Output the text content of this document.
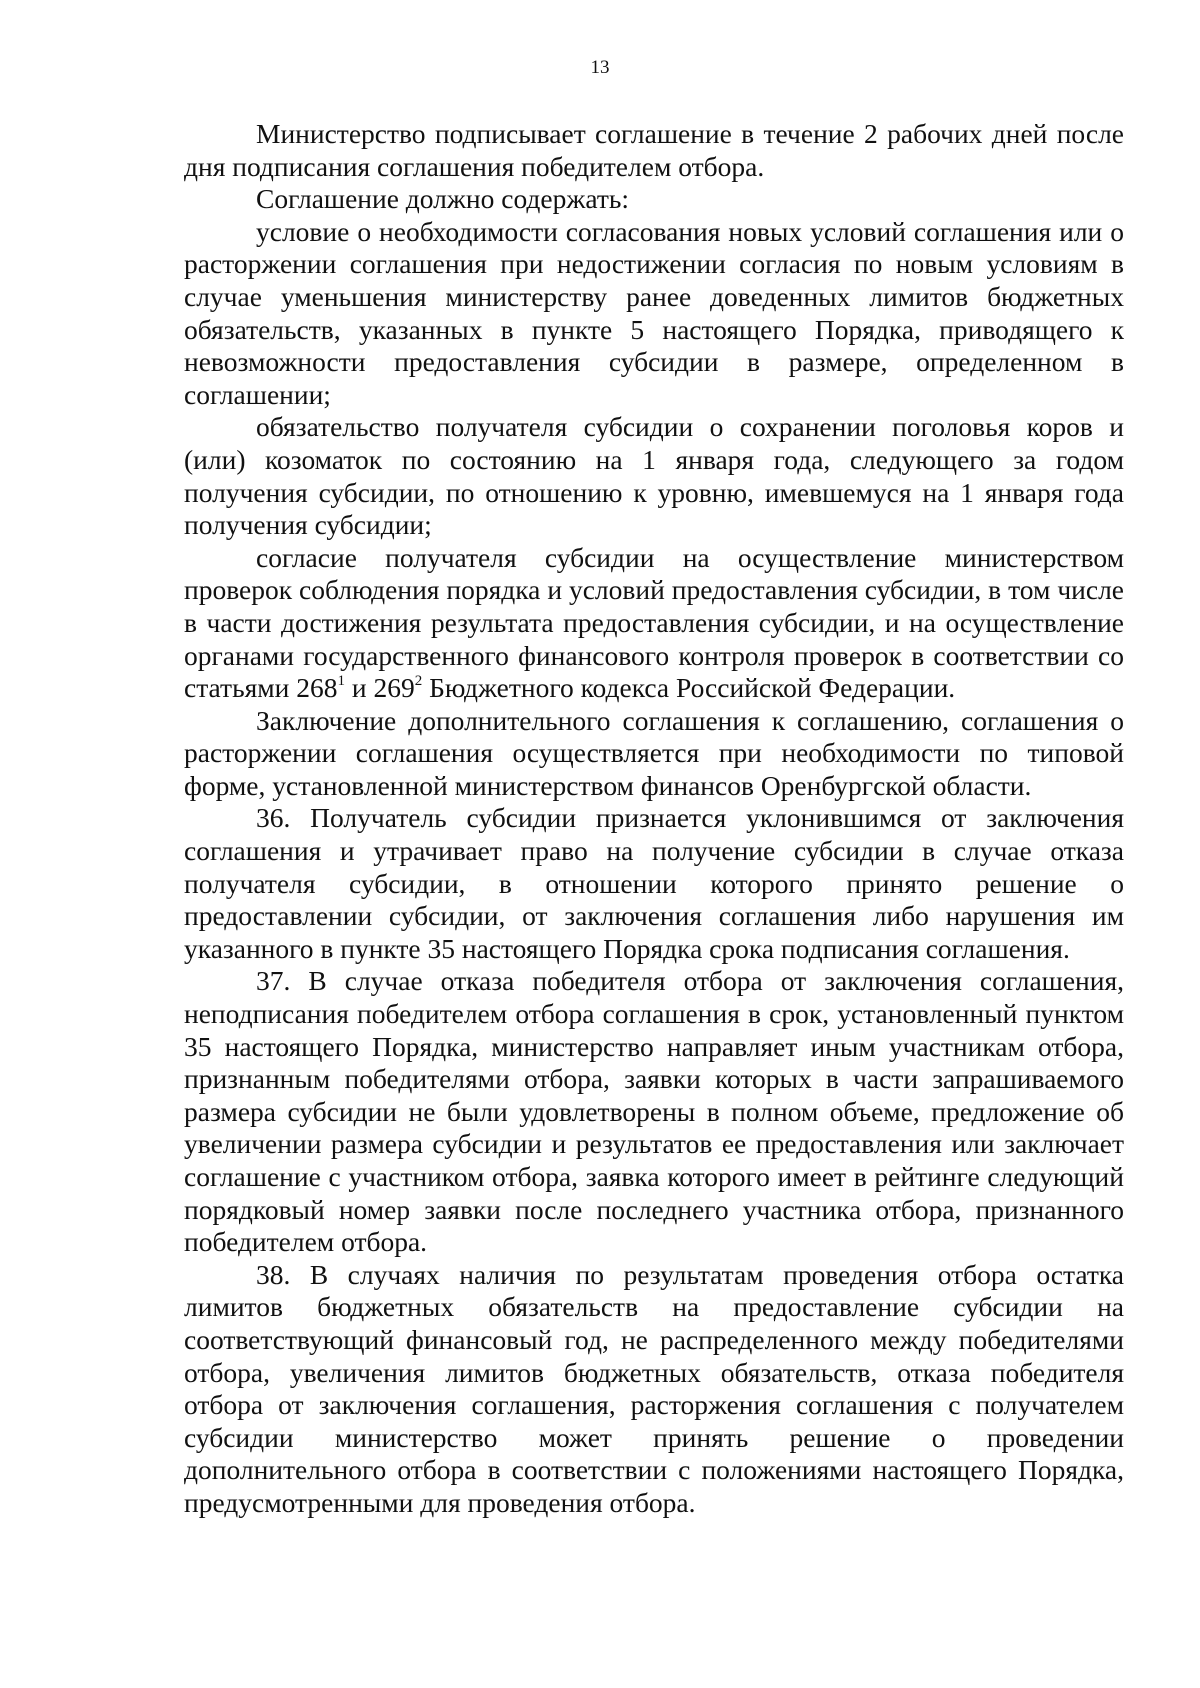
13

Министерство подписывает соглашение в течение 2 рабочих дней после дня подписания соглашения победителем отбора.

Соглашение должно содержать:

условие о необходимости согласования новых условий соглашения или о расторжении соглашения при недостижении согласия по новым условиям в случае уменьшения министерству ранее доведенных лимитов бюджетных обязательств, указанных в пункте 5 настоящего Порядка, приводящего к невозможности предоставления субсидии в размере, определенном в соглашении;

обязательство получателя субсидии о сохранении поголовья коров и (или) козоматок по состоянию на 1 января года, следующего за годом получения субсидии, по отношению к уровню, имевшемуся на 1 января года получения субсидии;

согласие получателя субсидии на осуществление министерством проверок соблюдения порядка и условий предоставления субсидии, в том числе в части достижения результата предоставления субсидии, и на осуществление органами государственного финансового контроля проверок в соответствии со статьями $268^1$ и $269^2$ Бюджетного кодекса Российской Федерации.

Заключение дополнительного соглашения к соглашению, соглашения о расторжении соглашения осуществляется при необходимости по типовой форме, установленной министерством финансов Оренбургской области.

36. Получатель субсидии признается уклонившимся от заключения соглашения и утрачивает право на получение субсидии в случае отказа получателя субсидии, в отношении которого принято решение о предоставлении субсидии, от заключения соглашения либо нарушения им указанного в пункте 35 настоящего Порядка срока подписания соглашения.

37. В случае отказа победителя отбора от заключения соглашения, неподписания победителем отбора соглашения в срок, установленный пунктом 35 настоящего Порядка, министерство направляет иным участникам отбора, признанным победителями отбора, заявки которых в части запрашиваемого размера субсидии не были удовлетворены в полном объеме, предложение об увеличении размера субсидии и результатов ее предоставления или заключает соглашение с участником отбора, заявка которого имеет в рейтинге следующий порядковый номер заявки после последнего участника отбора, признанного победителем отбора.

38. В случаях наличия по результатам проведения отбора остатка лимитов бюджетных обязательств на предоставление субсидии на соответствующий финансовый год, не распределенного между победителями отбора, увеличения лимитов бюджетных обязательств, отказа победителя отбора от заключения соглашения, расторжения соглашения с получателем субсидии министерство может принять решение о проведении дополнительного отбора в соответствии с положениями настоящего Порядка, предусмотренными для проведения отбора.
